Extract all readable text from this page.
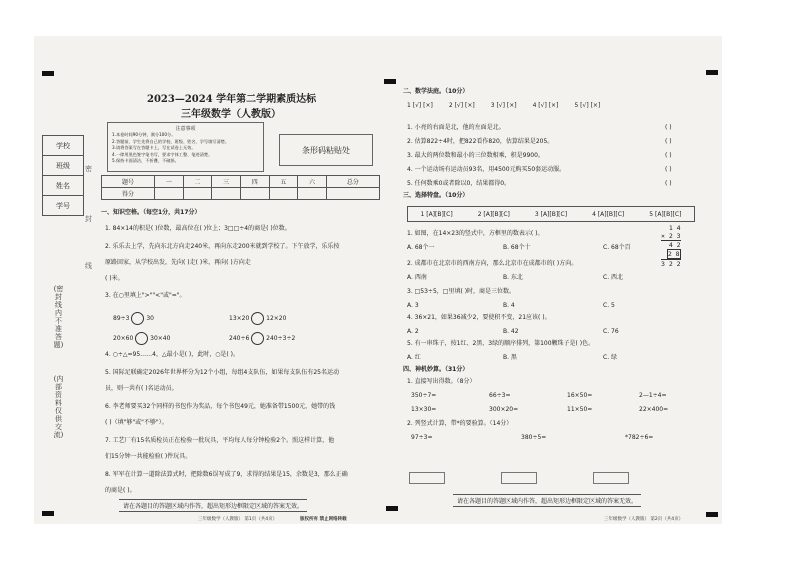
学校
班级
姓名
学号
密
封
线
(密封线内不准答题)
(内部资料 仅供交流)
2023—2024 学年第二学期素质达标
三年级数学（人教版）
注意事项
1.本卷时间90分钟，满分100分。
2.答题前，学生先将自己的学校、班级、姓名、学号填写清楚。
3.请将答案写在答题卡上，写在试卷上无效。
4.一律用黑色签字笔书写，要求字体工整、笔迹清楚。
5.保持卡面清洁，不折叠，不破损。
条形码粘贴处
题号	一	二	三	四	五	六	总分
得分							
一、知识空格。（每空1分，共17分）
1. 84×14的积是( )位数，最高位在( )位上；3□□÷4的商是( )位数。
2. 乐乐去上学，先向东北方向走240米，再向东走200米就到学校了。下午放学，乐乐按
原路回家，从学校出发，先向( )走( )米，再向( )方向走
( )米。
3. 在○里填上">""<"或"="。
89÷3	30	13×20	12×20
20×60	30×40	240÷6	240÷3÷2
4. ○÷△=95……4，△最小是( )，此时，○是( )。
5. 国际足联确定2026年世界杯分为12个小组，每组4支队伍，如果每支队伍有25名运动
员，则一共有( )名运动员。
6. 李老师要买32个同样的书包作为奖品，每个书包49元，她准备带1500元，她带的钱
( )（填"够"或"不够"）。
7. 工艺厂有15名质检员正在检验一批玩具，平均每人每分钟检验2个。照这样计算，他
们15分钟一共能检验( )件玩具。
8. 军军在计算一道除法算式时，把除数6误写成了9，求得的结果是15，余数是3，那么正确
的商是( )。
请在各题目的答题区域内作答，超出矩形边框限定区域的答案无效。
三年级数学（人教版） 第1页（共4页）	版权所有 禁止网络转载
二、数学法庭。（10分）
1 [√] [×]	2 [√] [×]	3 [√] [×]	4 [√] [×]	5 [√] [×]
1. 小亮的右面是北，他的左面是北。
2. 估算822÷4时，把822看作820，估算结果是205。
3. 最大的两位数和最小的三位数相乘，积是9900。
4. 一个运动场有运动员93名，用4500元购买50套运动服。
5. 任何数乘0或者除以0，结果都得0。
( )
( )
( )
( )
( )
三、选择特盘。（10分）
1 [A][B][C]	2 [A][B][C]	3 [A][B][C]	4 [A][B][C]	5 [A][B][C]
1. 如图，在14×23的竖式中，方框里的数表示( )。
A. 68个一	B. 68个十	C. 68个百
1 4
× 2 3
4 2
2 8
3 2 2
2. 成都市在北京市的西南方向，那么北京市在成都市的( )方向。
A. 西南	B. 东北	C. 西北
3. □53÷5，□里填( )时，商是三位数。
A. 3	B. 4	C. 5
4. 36×21，如果36减少2，要使积不变，21应该( )。
A. 2	B. 42	C. 76
5. 有一串珠子，按1红、2黑、3绿的顺序排列，第100颗珠子是( )色。
A. 红	B. 黑	C. 绿
四、神机妙算。（31分）
1. 直接写出得数。（8分）
350÷7=	66÷3=	16×50=	2—1÷4=
13×30=	300×20=	11×50=	22×400=
2. 列竖式计算，带*的要验算。（14分）
97÷3=	380÷5=	*782÷6=
请在各题目的答题区域内作答，超出矩形边框限定区域的答案无效。
三年级数学（人教版） 第2页（共4页）
